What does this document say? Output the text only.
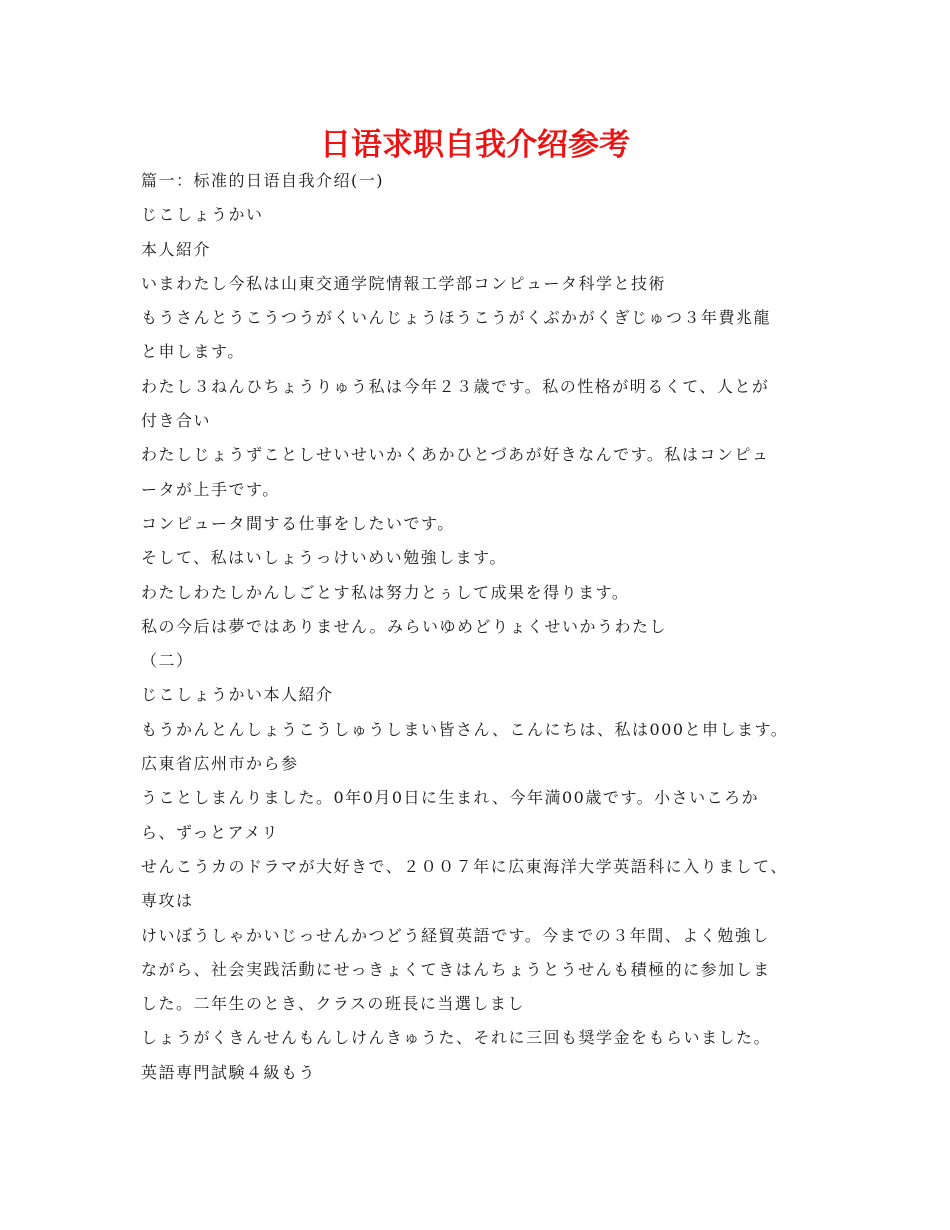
日语求职自我介绍参考
篇一：标准的日语自我介绍(一)
じこしょうかい
本人紹介
いまわたし今私は山東交通学院情報工学部コンピュータ科学と技術
もうさんとうこうつうがくいんじょうほうこうがくぶかがくぎじゅつ３年費兆龍
と申します。
わたし３ねんひちょうりゅう私は今年２３歳です。私の性格が明るくて、人とが
付き合い
わたしじょうずことしせいせいかくあかひとづあが好きなんです。私はコンピュ
ータが上手です。
コンピュータ間する仕事をしたいです。
そして、私はいしょうっけいめい勉強します。
わたしわたしかんしごとす私は努力とぅして成果を得ります。
私の今后は夢ではありません。みらいゆめどりょくせいかうわたし
（二）
じこしょうかい本人紹介
もうかんとんしょうこうしゅうしまい皆さん、こんにちは、私は000と申します。
広東省広州市から参
うことしまんりました。0年0月0日に生まれ、今年満00歳です。小さいころか
ら、ずっとアメリ
せんこうカのドラマが大好きで、２００７年に広東海洋大学英語科に入りまして、
専攻は
けいぼうしゃかいじっせんかつどう経貿英語です。今までの３年間、よく勉強し
ながら、社会実践活動にせっきょくてきはんちょうとうせんも積極的に参加しま
した。二年生のとき、クラスの班長に当選しまし
しょうがくきんせんもんしけんきゅうた、それに三回も奨学金をもらいました。
英語専門試験４級もう
